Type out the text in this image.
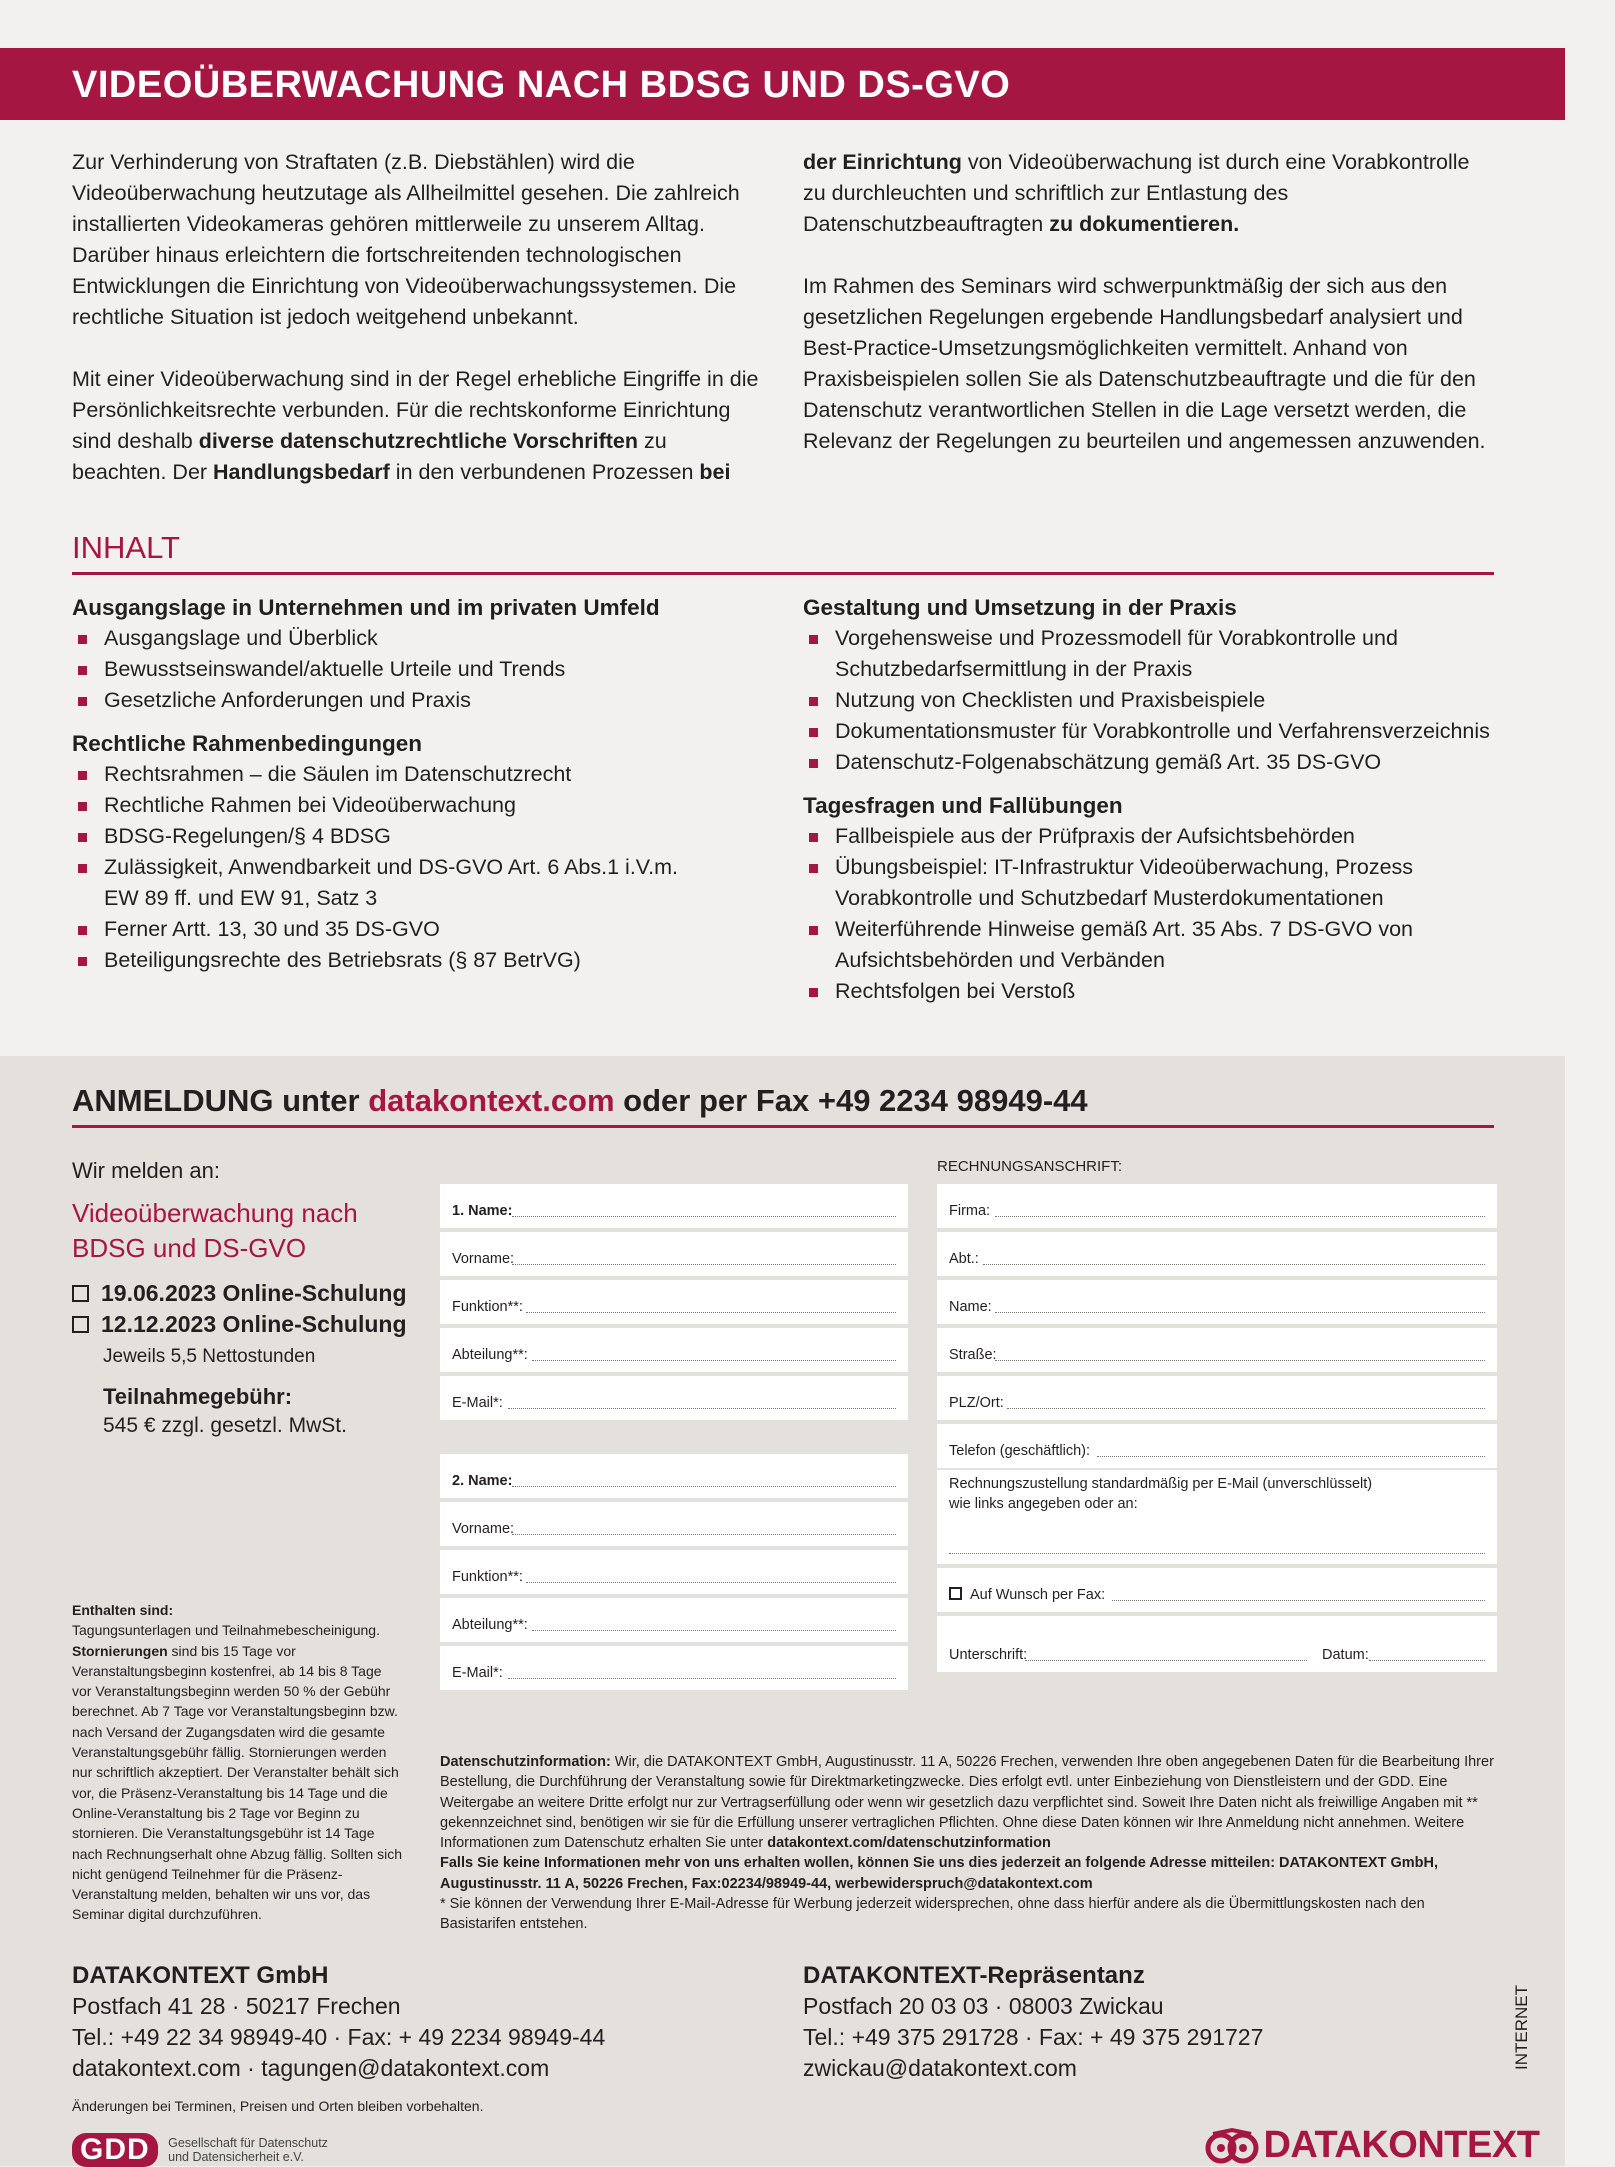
VIDEOÜBERWACHUNG NACH BDSG UND DS-GVO

Zur Verhinderung von Straftaten (z.B. Diebstählen) wird die Videoüberwachung heutzutage als Allheilmittel gesehen. Die zahlreich installierten Videokameras gehören mittlerweile zu unserem Alltag. Darüber hinaus erleichtern die fortschreitenden technologischen Entwicklungen die Einrichtung von Videoüberwachungssystemen. Die rechtliche Situation ist jedoch weitgehend unbekannt.

Mit einer Videoüberwachung sind in der Regel erhebliche Eingriffe in die Persönlichkeitsrechte verbunden. Für die rechtskonforme Einrichtung sind deshalb diverse datenschutzrechtliche Vorschriften zu beachten. Der Handlungsbedarf in den verbundenen Prozessen bei

der Einrichtung von Videoüberwachung ist durch eine Vorabkontrolle zu durchleuchten und schriftlich zur Entlastung des Datenschutzbeauftragten zu dokumentieren.

Im Rahmen des Seminars wird schwerpunktmäßig der sich aus den gesetzlichen Regelungen ergebende Handlungsbedarf analysiert und Best-Practice-Umsetzungsmöglichkeiten vermittelt. Anhand von Praxisbeispielen sollen Sie als Datenschutzbeauftragte und die für den Datenschutz verantwortlichen Stellen in die Lage versetzt werden, die Relevanz der Regelungen zu beurteilen und angemessen anzuwenden.

INHALT

Ausgangslage in Unternehmen und im privaten Umfeld

Ausgangslage und Überblick
Bewusstseinswandel/aktuelle Urteile und Trends
Gesetzliche Anforderungen und Praxis

Rechtliche Rahmenbedingungen

Rechtsrahmen – die Säulen im Datenschutzrecht
Rechtliche Rahmen bei Videoüberwachung
BDSG-Regelungen/§ 4 BDSG
Zulässigkeit, Anwendbarkeit und DS-GVO Art. 6 Abs.1 i.V.m. EW 89 ff. und EW 91, Satz 3
Ferner Artt. 13, 30 und 35 DS-GVO
Beteiligungsrechte des Betriebsrats (§ 87 BetrVG)

Gestaltung und Umsetzung in der Praxis

Vorgehensweise und Prozessmodell für Vorabkontrolle und Schutzbedarfsermittlung in der Praxis
Nutzung von Checklisten und Praxisbeispiele
Dokumentationsmuster für Vorabkontrolle und Verfahrensverzeichnis
Datenschutz-Folgenabschätzung gemäß Art. 35 DS-GVO

Tagesfragen und Fallübungen

Fallbeispiele aus der Prüfpraxis der Aufsichtsbehörden
Übungsbeispiel: IT-Infrastruktur Videoüberwachung, Prozess Vorabkontrolle und Schutzbedarf Musterdokumentationen
Weiterführende Hinweise gemäß Art. 35 Abs. 7 DS-GVO von Aufsichtsbehörden und Verbänden
Rechtsfolgen bei Verstoß
ANMELDUNG unter datakontext.com oder per Fax +49 2234 98949-44
Wir melden an:
Videoüberwachung nach
BDSG und DS-GVO
19.06.2023 Online-Schulung
12.12.2023 Online-Schulung
Jeweils 5,5 Nettostunden
Teilnahmegebühr:
545 € zzgl. gesetzl. MwSt.
Enthalten sind:
Tagungsunterlagen und Teilnahmebescheinigung.
Stornierungen sind bis 15 Tage vor Veranstaltungsbeginn kostenfrei, ab 14 bis 8 Tage vor Veranstaltungsbeginn werden 50 % der Gebühr berechnet. Ab 7 Tage vor Veranstaltungsbeginn bzw. nach Versand der Zugangsdaten wird die gesamte Veranstaltungsgebühr fällig. Stornierungen werden nur schriftlich akzeptiert. Der Veranstalter behält sich vor, die Präsenz-Veranstaltung bis 14 Tage und die Online-Veranstaltung bis 2 Tage vor Beginn zu stornieren. Die Veranstaltungsgebühr ist 14 Tage nach Rechnungserhalt ohne Abzug fällig. Sollten sich nicht genügend Teilnehmer für die Präsenz-Veranstaltung melden, behalten wir uns vor, das Seminar digital durchzuführen.
1. Name:
Vorname:
Funktion**:
Abteilung**:
E-Mail*:
2. Name:
Vorname:
Funktion**:
Abteilung**:
E-Mail*:
RECHNUNGSANSCHRIFT:
Firma:
Abt.:
Name:
Straße:
PLZ/Ort:
Telefon (geschäftlich):
Rechnungszustellung standardmäßig per E-Mail (unverschlüsselt)
wie links angegeben oder an:
Auf Wunsch per Fax:
Unterschrift:	Datum:
Datenschutzinformation: Wir, die DATAKONTEXT GmbH, Augustinusstr. 11 A, 50226 Frechen, verwenden Ihre oben angegebenen Daten für die Bearbeitung Ihrer Bestellung, die Durchführung der Veranstaltung sowie für Direktmarketingzwecke. Dies erfolgt evtl. unter Einbeziehung von Dienstleistern und der GDD. Eine Weitergabe an weitere Dritte erfolgt nur zur Vertragserfüllung oder wenn wir gesetzlich dazu verpflichtet sind. Soweit Ihre Daten nicht als freiwillige Angaben mit ** gekennzeichnet sind, benötigen wir sie für die Erfüllung unserer vertraglichen Pflichten. Ohne diese Daten können wir Ihre Anmeldung nicht annehmen. Weitere Informationen zum Datenschutz erhalten Sie unter datakontext.com/datenschutzinformation
Falls Sie keine Informationen mehr von uns erhalten wollen, können Sie uns dies jederzeit an folgende Adresse mitteilen: DATAKONTEXT GmbH, Augustinusstr. 11 A, 50226 Frechen, Fax:02234/98949-44, werbewiderspruch@datakontext.com
* Sie können der Verwendung Ihrer E-Mail-Adresse für Werbung jederzeit widersprechen, ohne dass hierfür andere als die Übermittlungskosten nach den Basistarifen entstehen.
DATAKONTEXT GmbH
Postfach 41 28 · 50217 Frechen
Tel.: +49 22 34 98949-40 · Fax: + 49 2234 98949-44
datakontext.com · tagungen@datakontext.com
DATAKONTEXT-Repräsentanz
Postfach 20 03 03 · 08003 Zwickau
Tel.: +49 375 291728 · Fax: + 49 375 291727
zwickau@datakontext.com	INTERNET
Änderungen bei Terminen, Preisen und Orten bleiben vorbehalten.
GDD Gesellschaft für Datenschutz
und Datensicherheit e.V.	DATAKONTEXT
